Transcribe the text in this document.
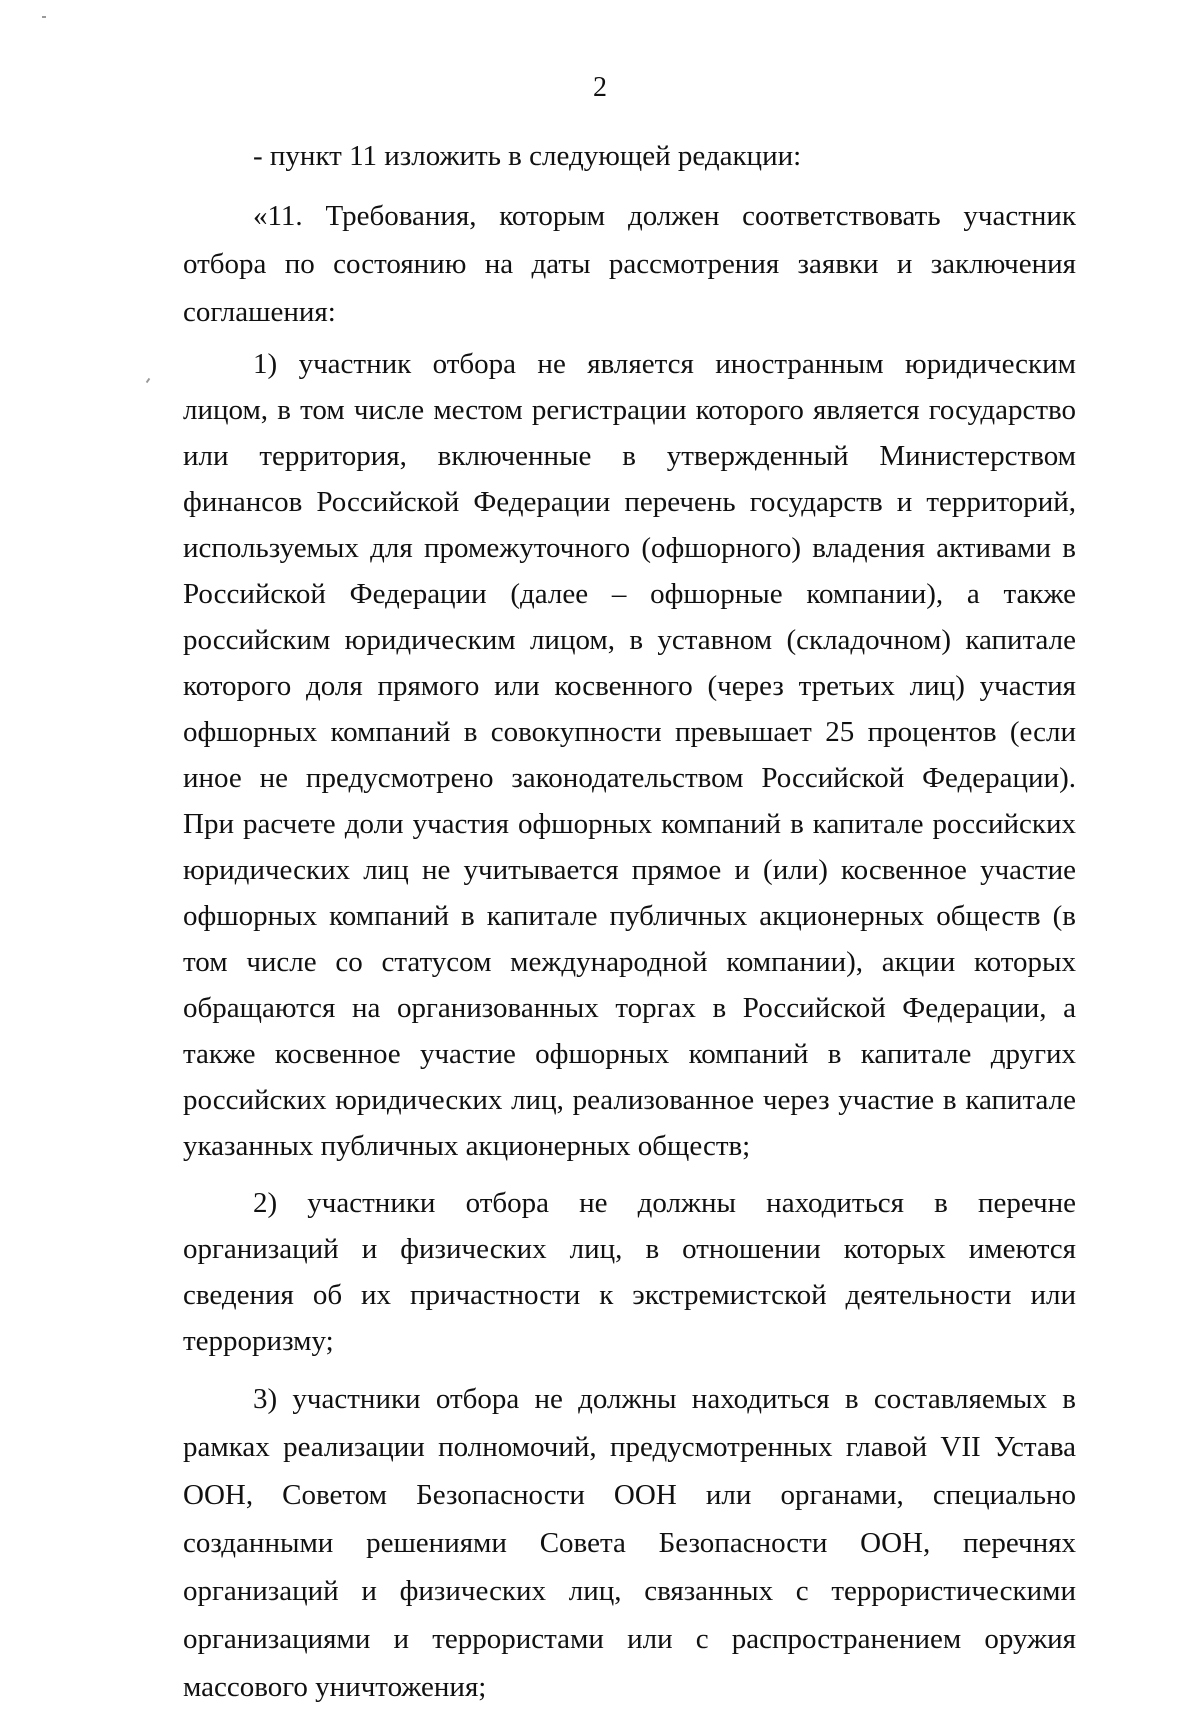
2

- пункт 11 изложить в следующей редакции:

«11. Требования, которым должен соответствовать участник отбора по состоянию на даты рассмотрения заявки и заключения соглашения:

1) участник отбора не является иностранным юридическим лицом, в том числе местом регистрации которого является государство или территория, включенные в утвержденный Министерством финансов Российской Федерации перечень государств и территорий, используемых для промежуточного (офшорного) владения активами в Российской Федерации (далее – офшорные компании), а также российским юридическим лицом, в уставном (складочном) капитале которого доля прямого или косвенного (через третьих лиц) участия офшорных компаний в совокупности превышает 25 процентов (если иное не предусмотрено законодательством Российской Федерации). При расчете доли участия офшорных компаний в капитале российских юридических лиц не учитывается прямое и (или) косвенное участие офшорных компаний в капитале публичных акционерных обществ (в том числе со статусом международной компании), акции которых обращаются на организованных торгах в Российской Федерации, а также косвенное участие офшорных компаний в капитале других российских юридических лиц, реализованное через участие в капитале указанных публичных акционерных обществ;

2) участники отбора не должны находиться в перечне организаций и физических лиц, в отношении которых имеются сведения об их причастности к экстремистской деятельности или терроризму;

3) участники отбора не должны находиться в составляемых в рамках реализации полномочий, предусмотренных главой VII Устава ООН, Советом Безопасности ООН или органами, специально созданными решениями Совета Безопасности ООН, перечнях организаций и физических лиц, связанных с террористическими организациями и террористами или с распространением оружия массового уничтожения;
